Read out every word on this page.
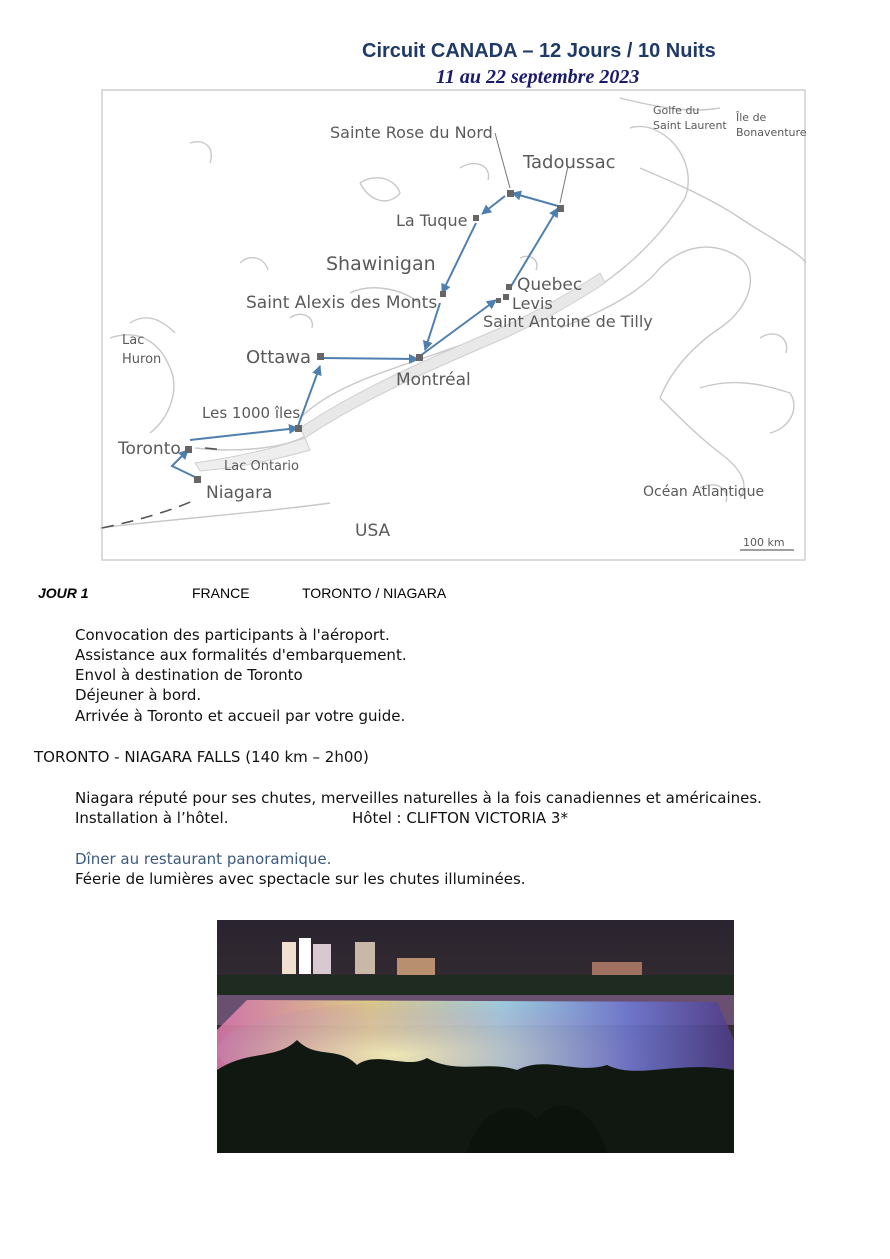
Circuit CANADA – 12 Jours / 10 Nuits
11 au 22 septembre 2023
Golfe du
Saint Laurent
Île de
Bonaventure
Sainte Rose du Nord
Tadoussac
La Tuque
Shawinigan
Saint Alexis des Monts
Quebec
Levis
Saint Antoine de Tilly
Lac
Huron	Ottawa
Montréal
Les 1000 îles
Toronto
Lac Ontario
Niagara	Océan Atlantique
USA
100 km
JOUR 1	FRANCE	TORONTO / NIAGARA
Convocation des participants à l'aéroport.
Assistance aux formalités d'embarquement.
Envol à destination de Toronto
Déjeuner à bord.
Arrivée à Toronto et accueil par votre guide.
TORONTO - NIAGARA FALLS (140 km – 2h00)
Niagara réputé pour ses chutes, merveilles naturelles à la fois canadiennes et américaines.
Installation à l’hôtel.	Hôtel : CLIFTON VICTORIA 3*
Dîner au restaurant panoramique.
Féerie de lumières avec spectacle sur les chutes illuminées.
